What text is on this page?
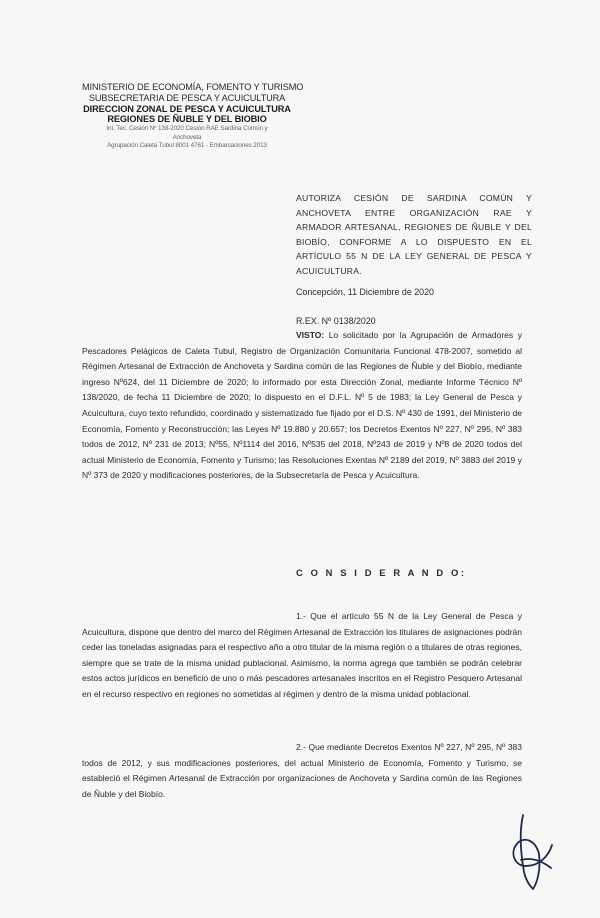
MINISTERIO DE ECONOMÍA, FOMENTO Y TURISMO
SUBSECRETARIA DE PESCA Y ACUICULTURA
DIRECCION ZONAL DE PESCA Y ACUICULTURA
REGIONES DE ÑUBLE Y DEL BIOBIO
Int. Tec. Cesión Nº 138-2020 Cesión RAE Sardina Común y
Anchoveta
Agrupación Caleta Tubul 8001 4761 - Embarcaciones 2013
AUTORIZA CESIÓN DE SARDINA COMÚN Y ANCHOVETA ENTRE ORGANIZACIÓN RAE Y ARMADOR ARTESANAL, REGIONES DE ÑUBLE Y DEL BIOBÍO, CONFORME A LO DISPUESTO EN EL ARTÍCULO 55 N DE LA LEY GENERAL DE PESCA Y ACUICULTURA.
Concepción, 11 Diciembre de 2020
R.EX. Nº 0138/2020
VISTO: Lo solicitado por la Agrupación de Armadores y Pescadores Pelágicos de Caleta Tubul, Registro de Organización Comunitaria Funcional 478-2007, sometido al Régimen Artesanal de Extracción de Anchoveta y Sardina común de las Regiones de Ñuble y del Biobío, mediante ingreso Nº624, del 11 Diciembre de 2020; lo informado por esta Dirección Zonal, mediante Informe Técnico Nº 138/2020, de fecha 11 Diciembre de 2020; lo dispuesto en el D.F.L. Nº 5 de 1983; la Ley General de Pesca y Acuicultura, cuyo texto refundido, coordinado y sistematizado fue fijado por el D.S. Nº 430 de 1991, del Ministerio de Economía, Fomento y Reconstrucción; las Leyes Nº 19.880 y 20.657; los Decretos Exentos Nº 227, Nº 295, Nº 383 todos de 2012, Nº 231 de 2013; Nº55, Nº1114 del 2016, Nº535 del 2018, Nº243 de 2019 y Nº8 de 2020 todos del actual Ministerio de Economía, Fomento y Turismo; las Resoluciones Exentas Nº 2189 del 2019, Nº 3883 del 2019 y Nº 373 de 2020 y modificaciones posteriores, de la Subsecretaría de Pesca y Acuicultura.
C O N S I D E R A N D O:
1.- Que el artículo 55 N de la Ley General de Pesca y Acuicultura, dispone que dentro del marco del Régimen Artesanal de Extracción los titulares de asignaciones podrán ceder las toneladas asignadas para el respectivo año a otro titular de la misma región o a titulares de otras regiones, siempre que se trate de la misma unidad publacional. Asimismo, la norma agrega que también se podrán celebrar estos actos jurídicos en beneficio de uno o más pescadores artesanales inscritos en el Registro Pesquero Artesanal en el recurso respectivo en regiones no sometidas al régimen y dentro de la misma unidad poblacional.
2.- Que mediante Decretos Exentos Nº 227, Nº 295, Nº 383 todos de 2012, y sus modificaciones posteriores, del actual Ministerio de Economía, Fomento y Turismo, se estableció el Régimen Artesanal de Extracción por organizaciones de Anchoveta y Sardina común de las Regiones de Ñuble y del Biobío.
